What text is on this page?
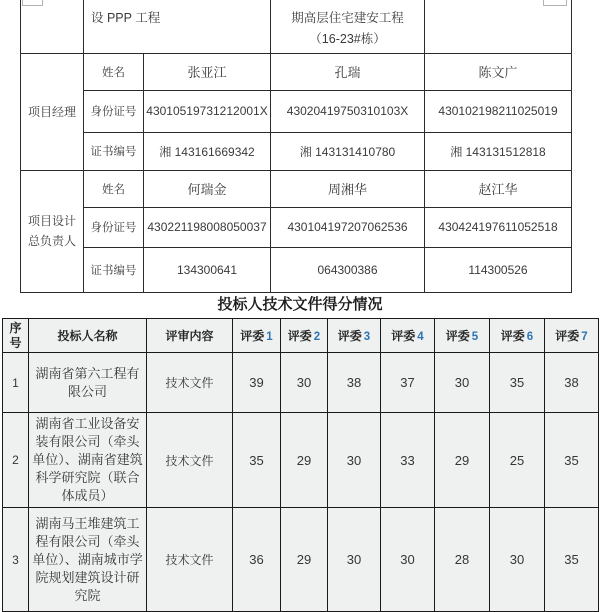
	设 PPP 工程		期高层住宅建安工程
（16-23#栋）	

项目经理	姓名	张亚江	孔瑞	陈文广
	身份证号	43010519731212001X	43020419750310103X	430102198211025019
	证书编号	湘 143161669342	湘 143131410780	湘 143131512818

项目设计
总负责人	姓名	何瑞金	周湘华	赵江华
	身份证号	430221198008050037	430104197207062536	430424197611052518
	证书编号	134300641	064300386	114300526
投标人技术文件得分情况
序号	投标人名称	评审内容	评委 1	评委 2	评委 3	评委 4	评委 5	评委 6	评委 7
1	湖南省第六工程有限公司	技术文件	39	30	38	37	30	35	38
2	湖南省工业设备安装有限公司（牵头单位）、湖南省建筑科学研究院（联合体成员）	技术文件	35	29	30	33	29	25	35
3	湖南马王堆建筑工程有限公司（牵头单位）、湖南城市学院规划建筑设计研究院	技术文件	36	29	30	30	28	30	35
